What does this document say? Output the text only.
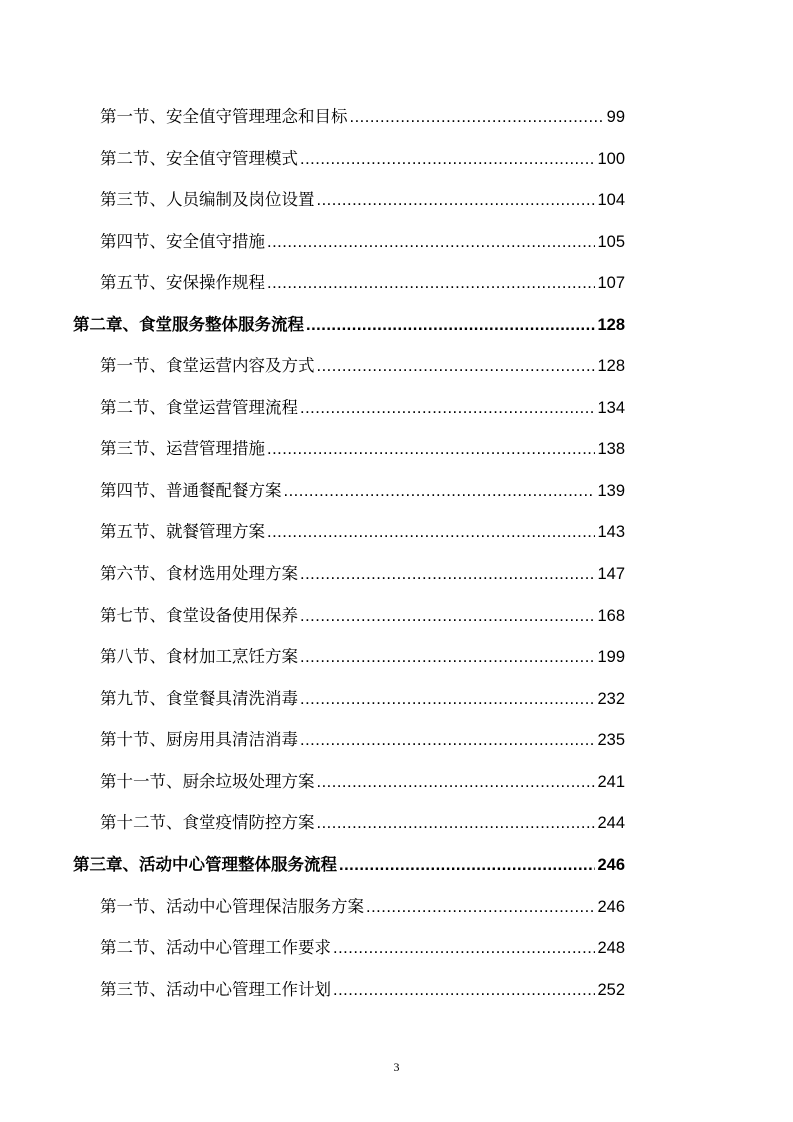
第一节、安全值守管理理念和目标 .....	99
第二节、安全值守管理模式 .....	100
第三节、人员编制及岗位设置 .....	104
第四节、安全值守措施 .....	105
第五节、安保操作规程 .....	107
第二章、食堂服务整体服务流程 .....	128
第一节、食堂运营内容及方式 .....	128
第二节、食堂运营管理流程 .....	134
第三节、运营管理措施 .....	138
第四节、普通餐配餐方案 .....	139
第五节、就餐管理方案 .....	143
第六节、食材选用处理方案 .....	147
第七节、食堂设备使用保养 .....	168
第八节、食材加工烹饪方案 .....	199
第九节、食堂餐具清洗消毒 .....	232
第十节、厨房用具清洁消毒 .....	235
第十一节、厨余垃圾处理方案 .....	241
第十二节、食堂疫情防控方案 .....	244
第三章、活动中心管理整体服务流程 .....	246
第一节、活动中心管理保洁服务方案 .....	246
第二节、活动中心管理工作要求 .....	248
第三节、活动中心管理工作计划 .....	252
3
